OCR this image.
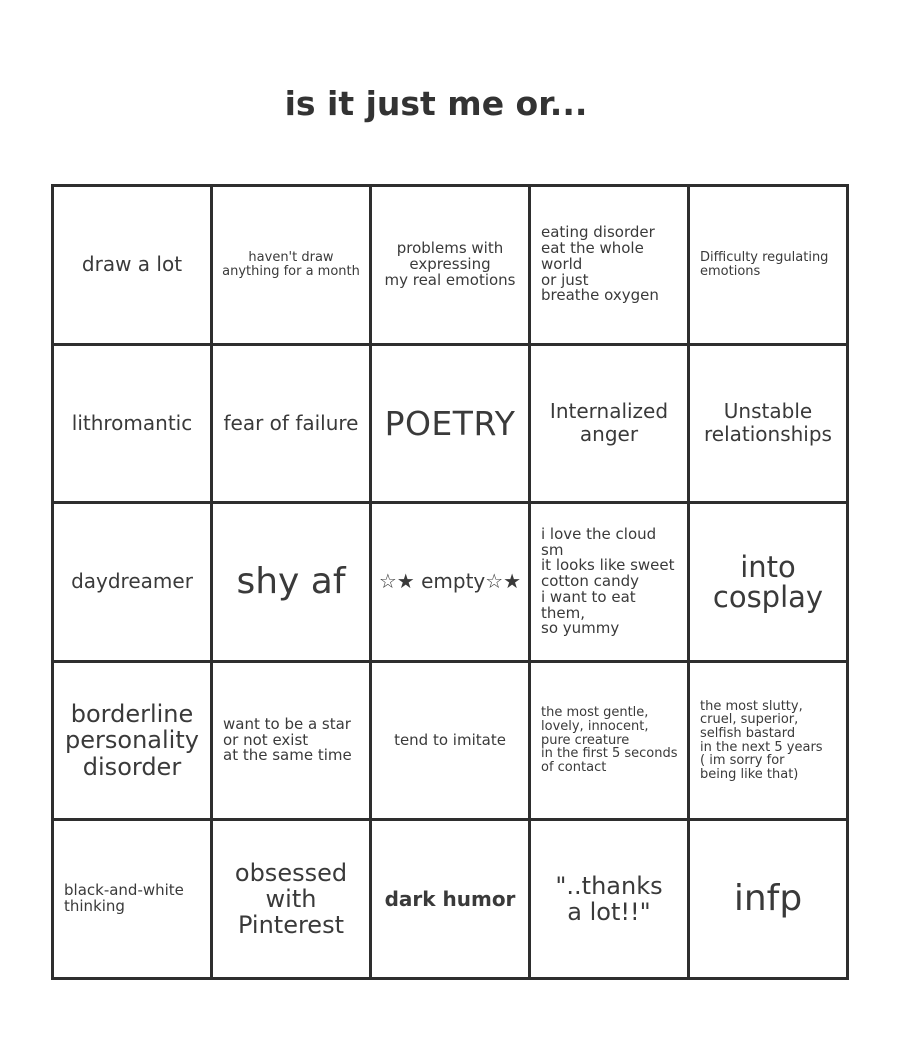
is it just me or...
draw a lot	haven't draw
anything for a month
problems with
expressing
my real emotions
eating disorder
eat the whole world
or just
breathe oxygen
Difficulty regulating
emotions
lithromantic fear of failure POETRY Internalized
anger
Unstable
relationships
daydreamer shy af ☆★ empty☆★
i love the cloud sm
it looks like sweet
cotton candy
i want to eat them,
so yummy
into
cosplay
borderline
personality
disorder
want to be a star
or not exist
at the same time
tend to imitate
the most gentle,
lovely, innocent,
pure creature
in the first 5 seconds
of contact
the most slutty,
cruel, superior,
selfish bastard
in the next 5 years
( im sorry for
being like that)
black-and-white
thinking
obsessed
with
Pinterest
dark humor "..thanks
a lot!!"	infp
